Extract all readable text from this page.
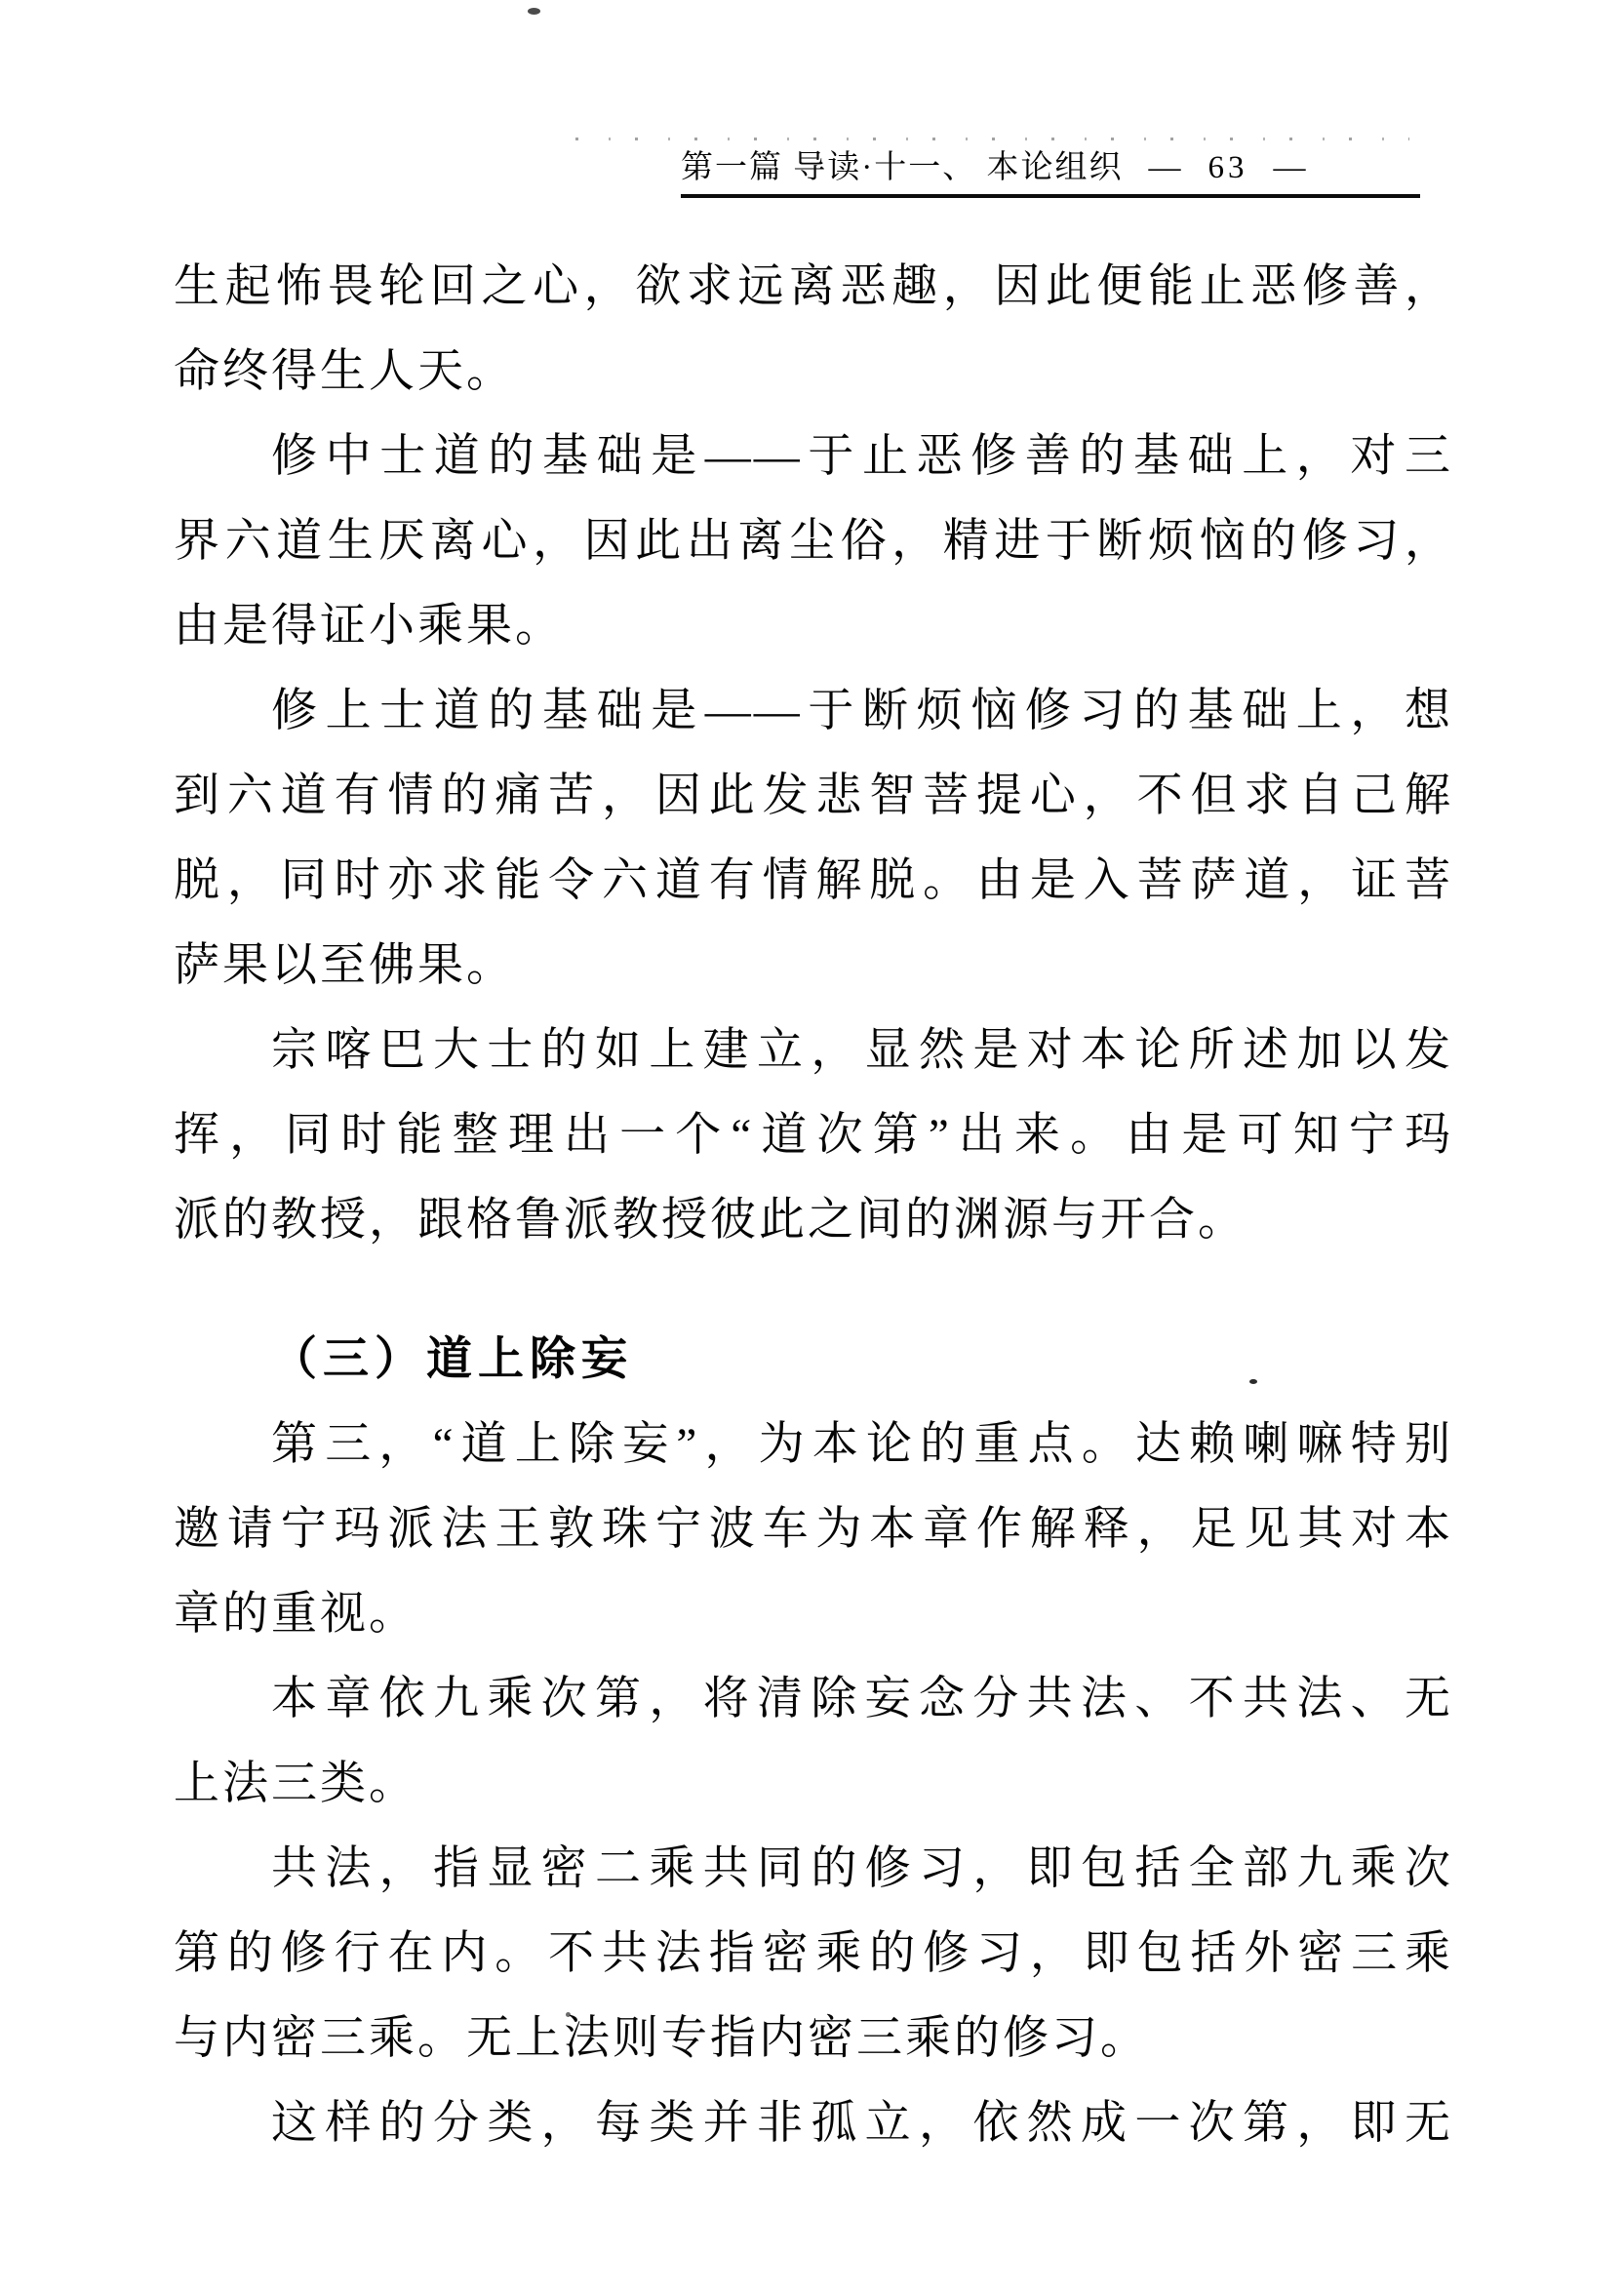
第一篇 导读·十一、 本论组织 — 63 —
生起怖畏轮回之心，欲求远离恶趣，因此便能止恶修善，
命终得生人天。
修中士道的基础是——于止恶修善的基础上，对三
界六道生厌离心，因此出离尘俗，精进于断烦恼的修习，
由是得证小乘果。
修上士道的基础是——于断烦恼修习的基础上，想
到六道有情的痛苦，因此发悲智菩提心，不但求自己解
脱，同时亦求能令六道有情解脱。由是入菩萨道，证菩
萨果以至佛果。
宗喀巴大士的如上建立，显然是对本论所述加以发
挥，同时能整理出一个“道次第”出来。由是可知宁玛
派的教授，跟格鲁派教授彼此之间的渊源与开合。
（三）道上除妄
第三，“道上除妄”，为本论的重点。达赖喇嘛特别
邀请宁玛派法王敦珠宁波车为本章作解释，足见其对本
章的重视。
本章依九乘次第，将清除妄念分共法、不共法、无
上法三类。
共法，指显密二乘共同的修习，即包括全部九乘次
第的修行在内。不共法指密乘的修习，即包括外密三乘
与内密三乘。无上法则专指内密三乘的修习。
这样的分类，每类并非孤立，依然成一次第，即无
